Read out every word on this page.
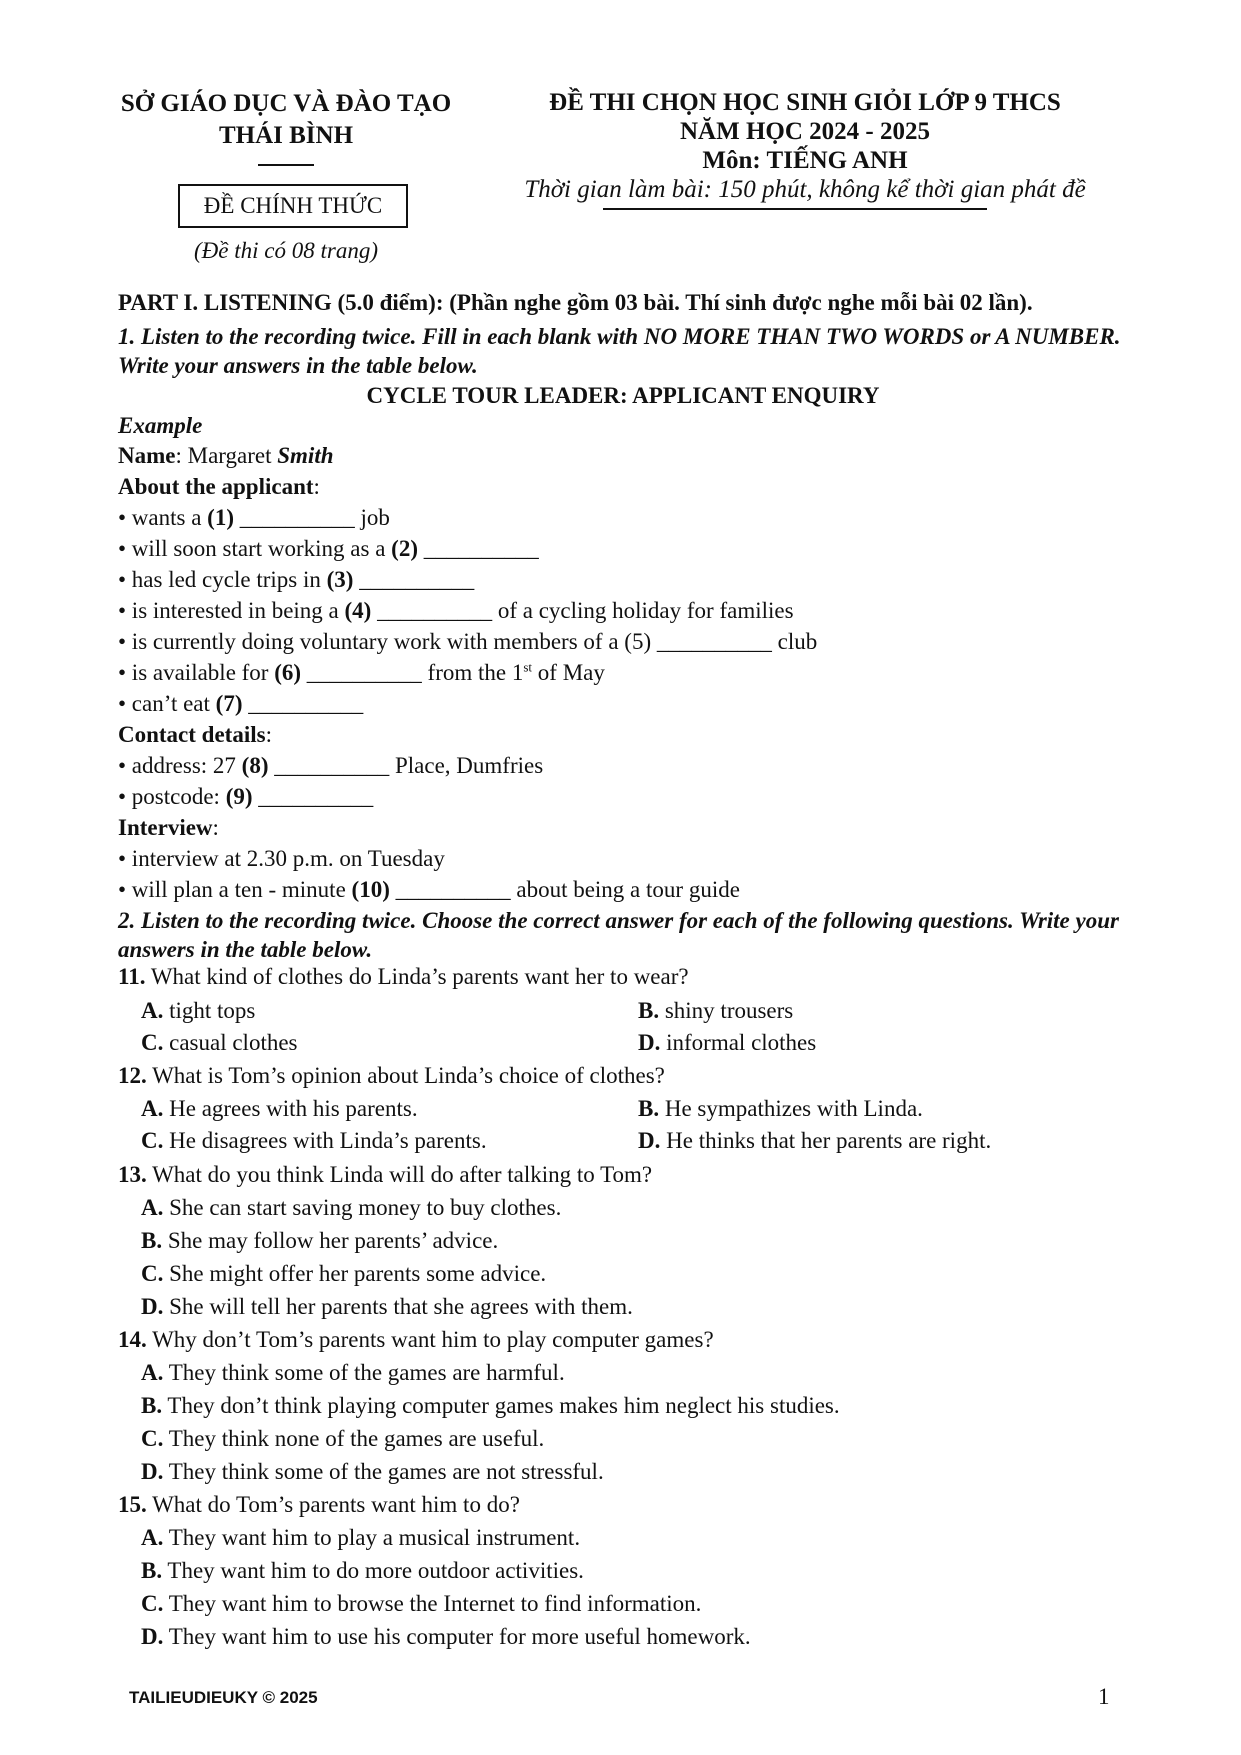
SỞ GIÁO DỤC VÀ ĐÀO TẠO
THÁI BÌNH
ĐỀ CHÍNH THỨC
(Đề thi có 08 trang)
ĐỀ THI CHỌN HỌC SINH GIỎI LỚP 9 THCS
NĂM HỌC 2024 - 2025
Môn: TIẾNG ANH
Thời gian làm bài: 150 phút, không kể thời gian phát đề
PART I. LISTENING (5.0 điểm): (Phần nghe gồm 03 bài. Thí sinh được nghe mỗi bài 02 lần).
1. Listen to the recording twice. Fill in each blank with NO MORE THAN TWO WORDS or A NUMBER. Write your answers in the table below.
CYCLE TOUR LEADER: APPLICANT ENQUIRY
Example
Name: Margaret Smith
About the applicant:
• wants a (1) __________ job
• will soon start working as a (2) __________
• has led cycle trips in (3) __________
• is interested in being a (4) __________ of a cycling holiday for families
• is currently doing voluntary work with members of a (5) __________ club
• is available for (6) __________ from the 1st of May
• can’t eat (7) __________
Contact details:
• address: 27 (8) __________ Place, Dumfries
• postcode: (9) __________
Interview:
• interview at 2.30 p.m. on Tuesday
• will plan a ten - minute (10) __________ about being a tour guide
2. Listen to the recording twice. Choose the correct answer for each of the following questions. Write your answers in the table below.
11. What kind of clothes do Linda’s parents want her to wear?
A. tight tops	B. shiny trousers
C. casual clothes	D. informal clothes
12. What is Tom’s opinion about Linda’s choice of clothes?
A. He agrees with his parents.	B. He sympathizes with Linda.
C. He disagrees with Linda’s parents.	D. He thinks that her parents are right.
13. What do you think Linda will do after talking to Tom?
A. She can start saving money to buy clothes.
B. She may follow her parents’ advice.
C. She might offer her parents some advice.
D. She will tell her parents that she agrees with them.
14. Why don’t Tom’s parents want him to play computer games?
A. They think some of the games are harmful.
B. They don’t think playing computer games makes him neglect his studies.
C. They think none of the games are useful.
D. They think some of the games are not stressful.
15. What do Tom’s parents want him to do?
A. They want him to play a musical instrument.
B. They want him to do more outdoor activities.
C. They want him to browse the Internet to find information.
D. They want him to use his computer for more useful homework.
TAILIEUDIEUKY © 2025	1
